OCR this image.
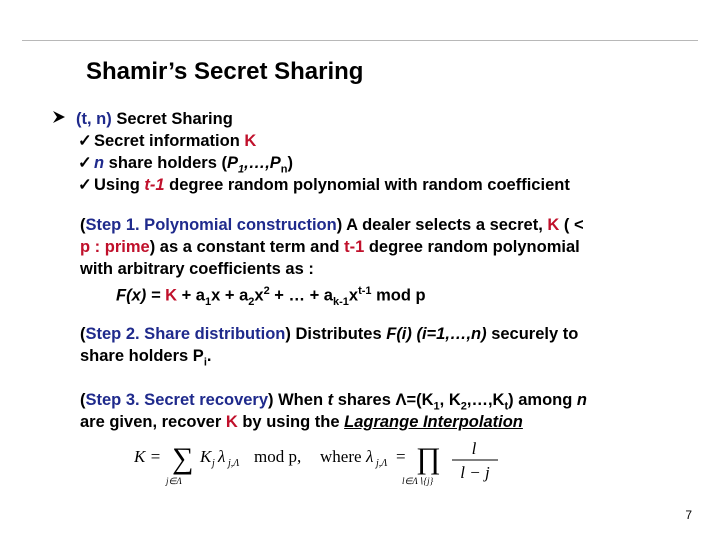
Shamir’s Secret Sharing
(t, n) Secret Sharing
✓ Secret information K
✓ n share holders $(P_1,\dots,P_n)$
✓ Using t-1 degree random polynomial with random coefficient
(Step 1. Polynomial construction) A dealer selects a secret, K ( <
p : prime) as a constant term and t-1 degree random polynomial
with arbitrary coefficients as :
$F(x) = K + a_1x + a_2x^2$ + … + $a_{k-1}x^{t-1}$ mod p
(Step 2. Share distribution) Distributes F(i) (i=1,…,n) securely to
share holders $P_i$.
(Step 3. Secret recovery) When t shares $\Lambda=(K_1$, $K_2,\dots,K_t$) among n
are given, recover K by using the Lagrange Interpolation
K = ∑
j∈Λ
K j λ j,Λ mod p, where λ j,Λ = ∏
l∈Λ∖{j}
l
l − j
7
